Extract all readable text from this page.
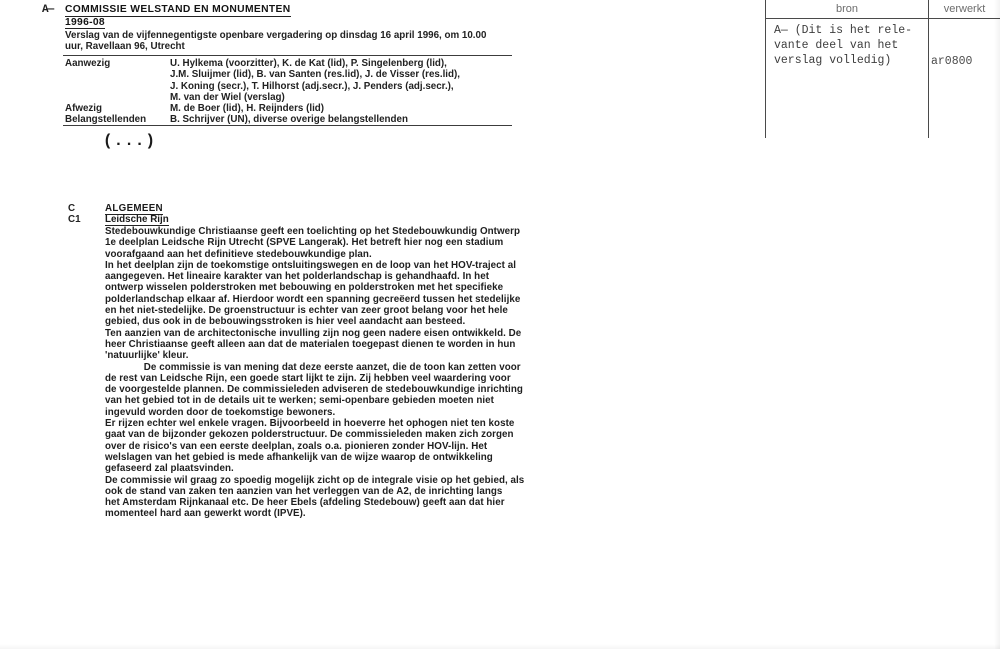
A— COMMISSIE WELSTAND EN MONUMENTEN
1996-08
Verslag van de vijfennegentigste openbare vergadering op dinsdag 16 april 1996, om 10.00
uur, Ravellaan 96, Utrecht
Aanwezig	U. Hylkema (voorzitter), K. de Kat (lid), P. Singelenberg (lid),
J.M. Sluijmer (lid), B. van Santen (res.lid), J. de Visser (res.lid),
J. Koning (secr.), T. Hilhorst (adj.secr.), J. Penders (adj.secr.),
M. van der Wiel (verslag)
Afwezig	M. de Boer (lid), H. Reijnders (lid)
Belangstellenden	B. Schrijver (UN), diverse overige belangstellenden
(...)
C	ALGEMEEN
C1 Leidsche Rijn
Stedebouwkundige Christiaanse geeft een toelichting op het Stedebouwkundig Ontwerp
1e deelplan Leidsche Rijn Utrecht (SPVE Langerak). Het betreft hier nog een stadium
voorafgaand aan het definitieve stedebouwkundige plan.
In het deelplan zijn de toekomstige ontsluitingswegen en de loop van het HOV-traject al
aangegeven. Het lineaire karakter van het polderlandschap is gehandhaafd. In het
ontwerp wisselen polderstroken met bebouwing en polderstroken met het specifieke
polderlandschap elkaar af. Hierdoor wordt een spanning gecreëerd tussen het stedelijke
en het niet-stedelijke. De groenstructuur is echter van zeer groot belang voor het hele
gebied, dus ook in de bebouwingsstroken is hier veel aandacht aan besteed.
Ten aanzien van de architectonische invulling zijn nog geen nadere eisen ontwikkeld. De
heer Christiaanse geeft alleen aan dat de materialen toegepast dienen te worden in hun
'natuurlijke' kleur.
De commissie is van mening dat deze eerste aanzet, die de toon kan zetten voor
de rest van Leidsche Rijn, een goede start lijkt te zijn. Zij hebben veel waardering voor
de voorgestelde plannen. De commissieleden adviseren de stedebouwkundige inrichting
van het gebied tot in de details uit te werken; semi-openbare gebieden moeten niet
ingevuld worden door de toekomstige bewoners.
Er rijzen echter wel enkele vragen. Bijvoorbeeld in hoeverre het ophogen niet ten koste
gaat van de bijzonder gekozen polderstructuur. De commissieleden maken zich zorgen
over de risico's van een eerste deelplan, zoals o.a. pionieren zonder HOV-lijn. Het
welslagen van het gebied is mede afhankelijk van de wijze waarop de ontwikkeling
gefaseerd zal plaatsvinden.
De commissie wil graag zo spoedig mogelijk zicht op de integrale visie op het gebied, als
ook de stand van zaken ten aanzien van het verleggen van de A2, de inrichting langs
het Amsterdam Rijnkanaal etc. De heer Ebels (afdeling Stedebouw) geeft aan dat hier
momenteel hard aan gewerkt wordt (IPVE).
bron	verwerkt
A— (Dit is het rele-
vante deel van het
verslag volledig)	ar0800
